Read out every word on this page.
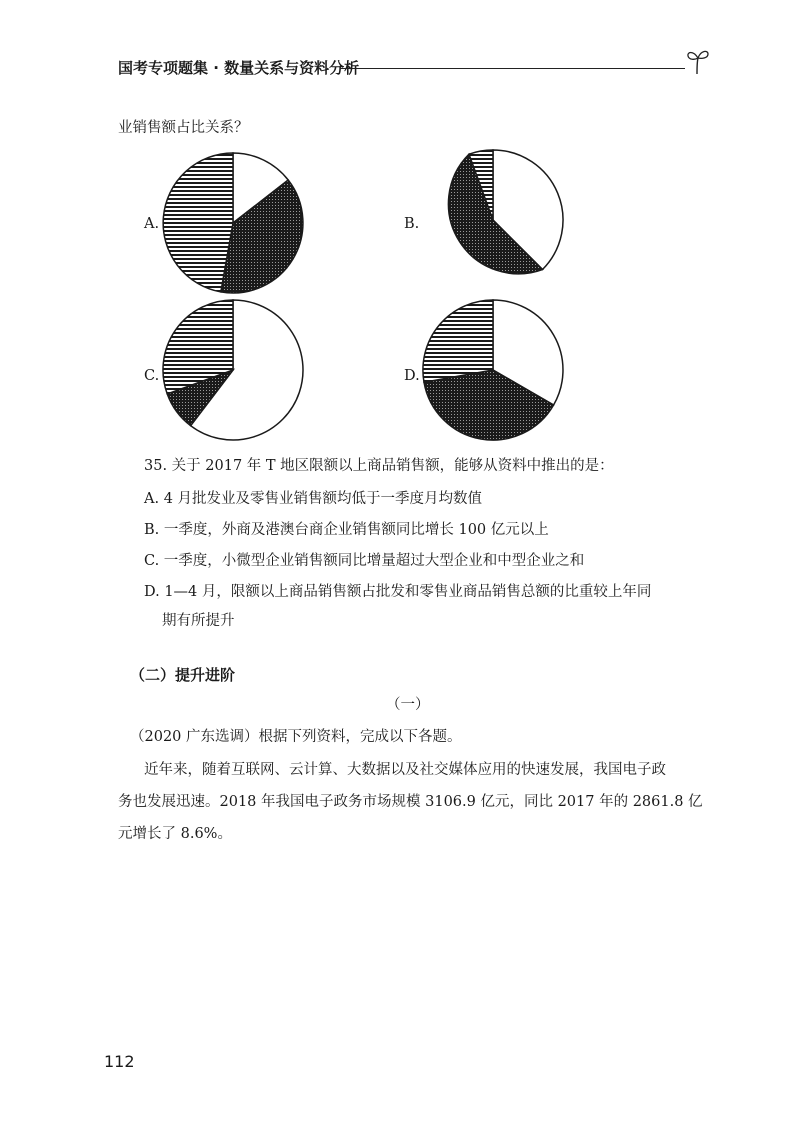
国考专项题集 · 数量关系与资料分析
业销售额占比关系？
A.	B.
C.	D.
35. 关于 2017 年 T 地区限额以上商品销售额，能够从资料中推出的是：
A. 4 月批发业及零售业销售额均低于一季度月均数值
B. 一季度，外商及港澳台商企业销售额同比增长 100 亿元以上
C. 一季度，小微型企业销售额同比增量超过大型企业和中型企业之和
D. 1—4 月，限额以上商品销售额占批发和零售业商品销售总额的比重较上年同
期有所提升
（二）提升进阶
（一）
（2020 广东选调）根据下列资料，完成以下各题。
近年来，随着互联网、云计算、大数据以及社交媒体应用的快速发展，我国电子政
务也发展迅速。2018 年我国电子政务市场规模 3106.9 亿元，同比 2017 年的 2861.8 亿
元增长了 8.6%。
112
